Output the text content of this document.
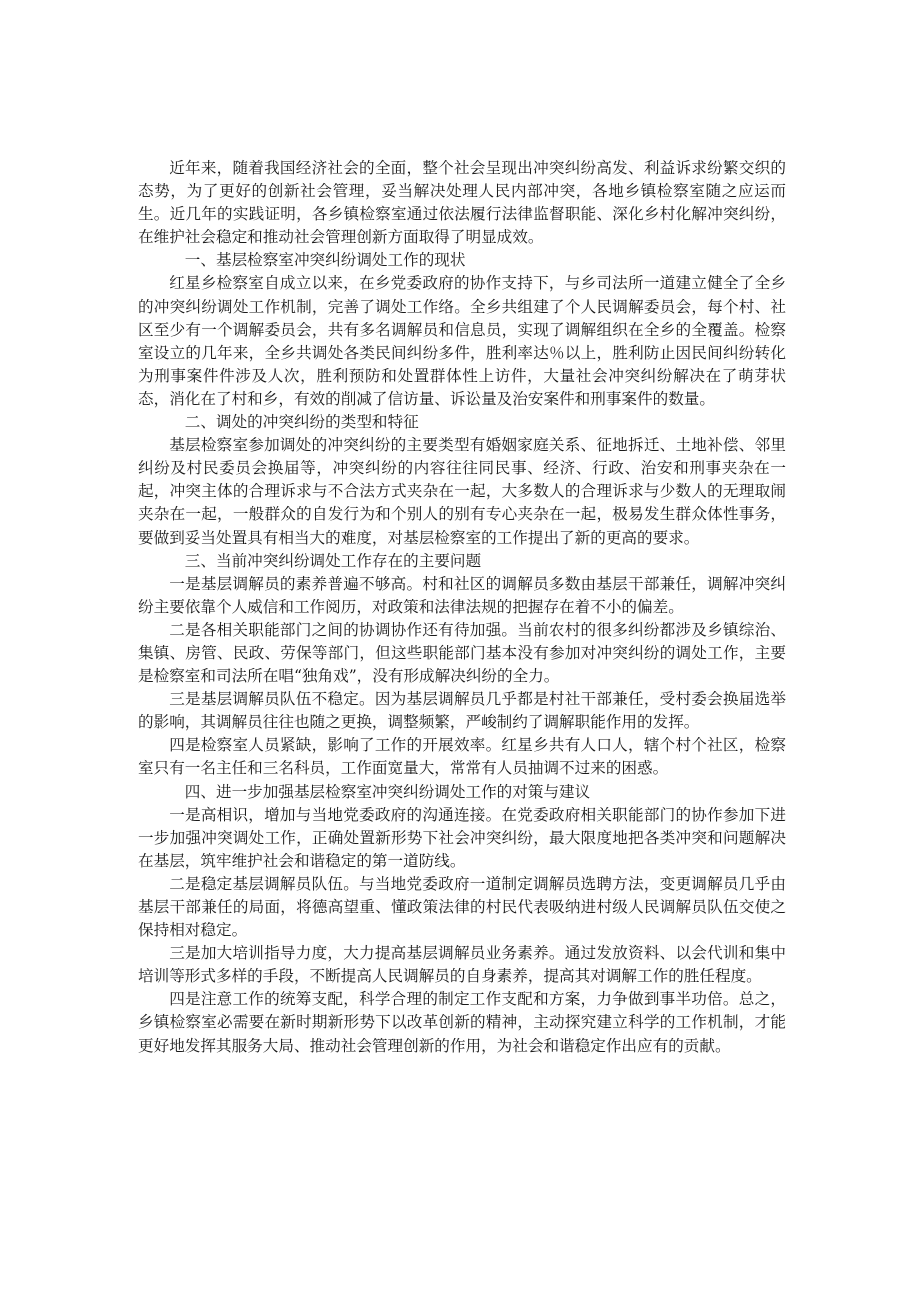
近年来，随着我国经济社会的全面，整个社会呈现出冲突纠纷高发、利益诉求纷繁交织的态势，为了更好的创新社会管理，妥当解决处理人民内部冲突，各地乡镇检察室随之应运而生。近几年的实践证明，各乡镇检察室通过依法履行法律监督职能、深化乡村化解冲突纠纷，在维护社会稳定和推动社会管理创新方面取得了明显成效。

一、基层检察室冲突纠纷调处工作的现状

红星乡检察室自成立以来，在乡党委政府的协作支持下，与乡司法所一道建立健全了全乡的冲突纠纷调处工作机制，完善了调处工作络。全乡共组建了个人民调解委员会，每个村、社区至少有一个调解委员会，共有多名调解员和信息员，实现了调解组织在全乡的全覆盖。检察室设立的几年来，全乡共调处各类民间纠纷多件，胜利率达％以上，胜利防止因民间纠纷转化为刑事案件件涉及人次，胜利预防和处置群体性上访件，大量社会冲突纠纷解决在了萌芽状态，消化在了村和乡，有效的削减了信访量、诉讼量及治安案件和刑事案件的数量。

二、调处的冲突纠纷的类型和特征

基层检察室参加调处的冲突纠纷的主要类型有婚姻家庭关系、征地拆迁、土地补偿、邻里纠纷及村民委员会换届等，冲突纠纷的内容往往同民事、经济、行政、治安和刑事夹杂在一起，冲突主体的合理诉求与不合法方式夹杂在一起，大多数人的合理诉求与少数人的无理取闹夹杂在一起，一般群众的自发行为和个别人的别有专心夹杂在一起，极易发生群众体性事务，要做到妥当处置具有相当大的难度，对基层检察室的工作提出了新的更高的要求。

三、当前冲突纠纷调处工作存在的主要问题

一是基层调解员的素养普遍不够高。村和社区的调解员多数由基层干部兼任，调解冲突纠纷主要依靠个人威信和工作阅历，对政策和法律法规的把握存在着不小的偏差。

二是各相关职能部门之间的协调协作还有待加强。当前农村的很多纠纷都涉及乡镇综治、集镇、房管、民政、劳保等部门，但这些职能部门基本没有参加对冲突纠纷的调处工作，主要是检察室和司法所在唱“独角戏”，没有形成解决纠纷的全力。

三是基层调解员队伍不稳定。因为基层调解员几乎都是村社干部兼任，受村委会换届选举的影响，其调解员往往也随之更换，调整频繁，严峻制约了调解职能作用的发挥。

四是检察室人员紧缺，影响了工作的开展效率。红星乡共有人口人，辖个村个社区，检察室只有一名主任和三名科员，工作面宽量大，常常有人员抽调不过来的困惑。

四、进一步加强基层检察室冲突纠纷调处工作的对策与建议

一是高相识，增加与当地党委政府的沟通连接。在党委政府相关职能部门的协作参加下进一步加强冲突调处工作，正确处置新形势下社会冲突纠纷，最大限度地把各类冲突和问题解决在基层，筑牢维护社会和谐稳定的第一道防线。

二是稳定基层调解员队伍。与当地党委政府一道制定调解员选聘方法，变更调解员几乎由基层干部兼任的局面，将德高望重、懂政策法律的村民代表吸纳进村级人民调解员队伍交使之保持相对稳定。

三是加大培训指导力度，大力提高基层调解员业务素养。通过发放资料、以会代训和集中培训等形式多样的手段，不断提高人民调解员的自身素养，提高其对调解工作的胜任程度。

四是注意工作的统筹支配，科学合理的制定工作支配和方案，力争做到事半功倍。总之，乡镇检察室必需要在新时期新形势下以改革创新的精神，主动探究建立科学的工作机制，才能更好地发挥其服务大局、推动社会管理创新的作用，为社会和谐稳定作出应有的贡献。
